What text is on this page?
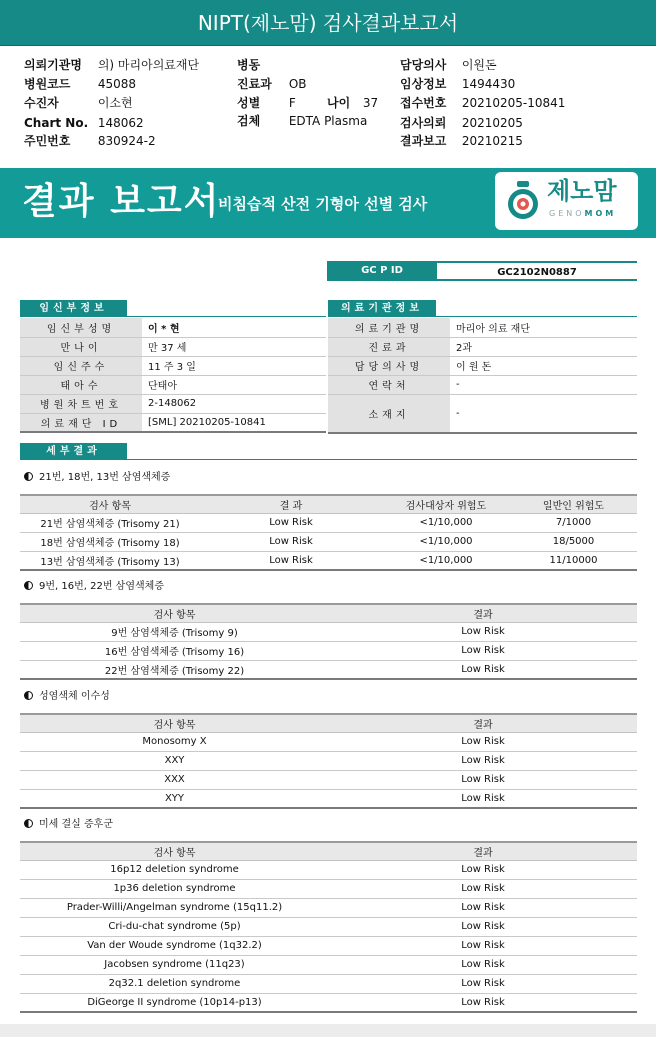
NIPT(제노맘) 검사결과보고서
의뢰기관명 의) 마리아의료재단
병원코드 45088
수진자	이소현
Chart No. 148062
주민번호 830924-2
병동
진료과 OB
성별 F
검체 EDTA Plasma
나이 37
담당의사 이원돈
임상정보 1494430
접수번호 20210205-10841
검사의뢰 20210205
결과보고 20210215
결과 보고서
비침습적 산전 기형아 선별 검사	제노맘
GENOMOM
GC P ID	GC2102N0887
임신부정보
임신부성명	이 * 현
만나이	만 37 세
임신주수	11 주 3 일
태아수	단태아
병원차트번호	2-148062
의료재단 ID	[SML] 20210205-10841
의료기관정보
의료기관명	마리아 의료 재단
진료과	2과
담당의사명	이 원 돈
연락처	-
소재지	-
세부결과
21번, 18번, 13번 삼염색체증
검사 항목	결 과	검사대상자 위험도	일반인 위험도
21번 삼염색체증 (Trisomy 21)	Low Risk	<1/10,000	7/1000
18번 삼염색체증 (Trisomy 18)	Low Risk	<1/10,000	18/5000
13번 삼염색체증 (Trisomy 13)	Low Risk	<1/10,000	11/10000
9번, 16번, 22번 삼염색체증
검사 항목	결과
9번 삼염색체증 (Trisomy 9)	Low Risk
16번 삼염색체증 (Trisomy 16)	Low Risk
22번 삼염색체증 (Trisomy 22)	Low Risk
성염색체 이수성
검사 항목	결과
Monosomy X	Low Risk
XXY	Low Risk
XXX	Low Risk
XYY	Low Risk
미세 결실 증후군
검사 항목	결과
16p12 deletion syndrome	Low Risk
1p36 deletion syndrome	Low Risk
Prader-Willi/Angelman syndrome (15q11.2)	Low Risk
Cri-du-chat syndrome (5p)	Low Risk
Van der Woude syndrome (1q32.2)	Low Risk
Jacobsen syndrome (11q23)	Low Risk
2q32.1 deletion syndrome	Low Risk
DiGeorge II syndrome (10p14-p13)	Low Risk
